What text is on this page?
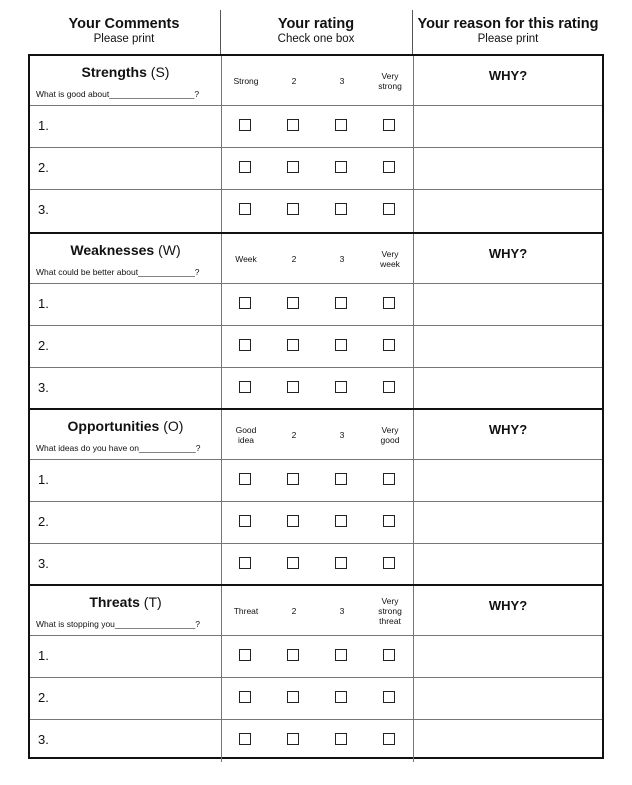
Your Comments
Please print
Your rating
Check one box
Your reason for this rating
Please print
Strengths (S)
What is good about__________________?
Strong	2	3	Very
strong
WHY?
1.
2.
3.
Weaknesses (W)
What could be better about____________?
Week	2	3	Very
week
WHY?
1.
2.
3.
Opportunities (O)
What ideas do you have on____________?
Good
idea	2	3	Very
good
WHY?
1.
2.
3.
Threats (T)
What is stopping you_________________?
Threat	2	3
Very
strong
threat
WHY?
1.
2.
3.
